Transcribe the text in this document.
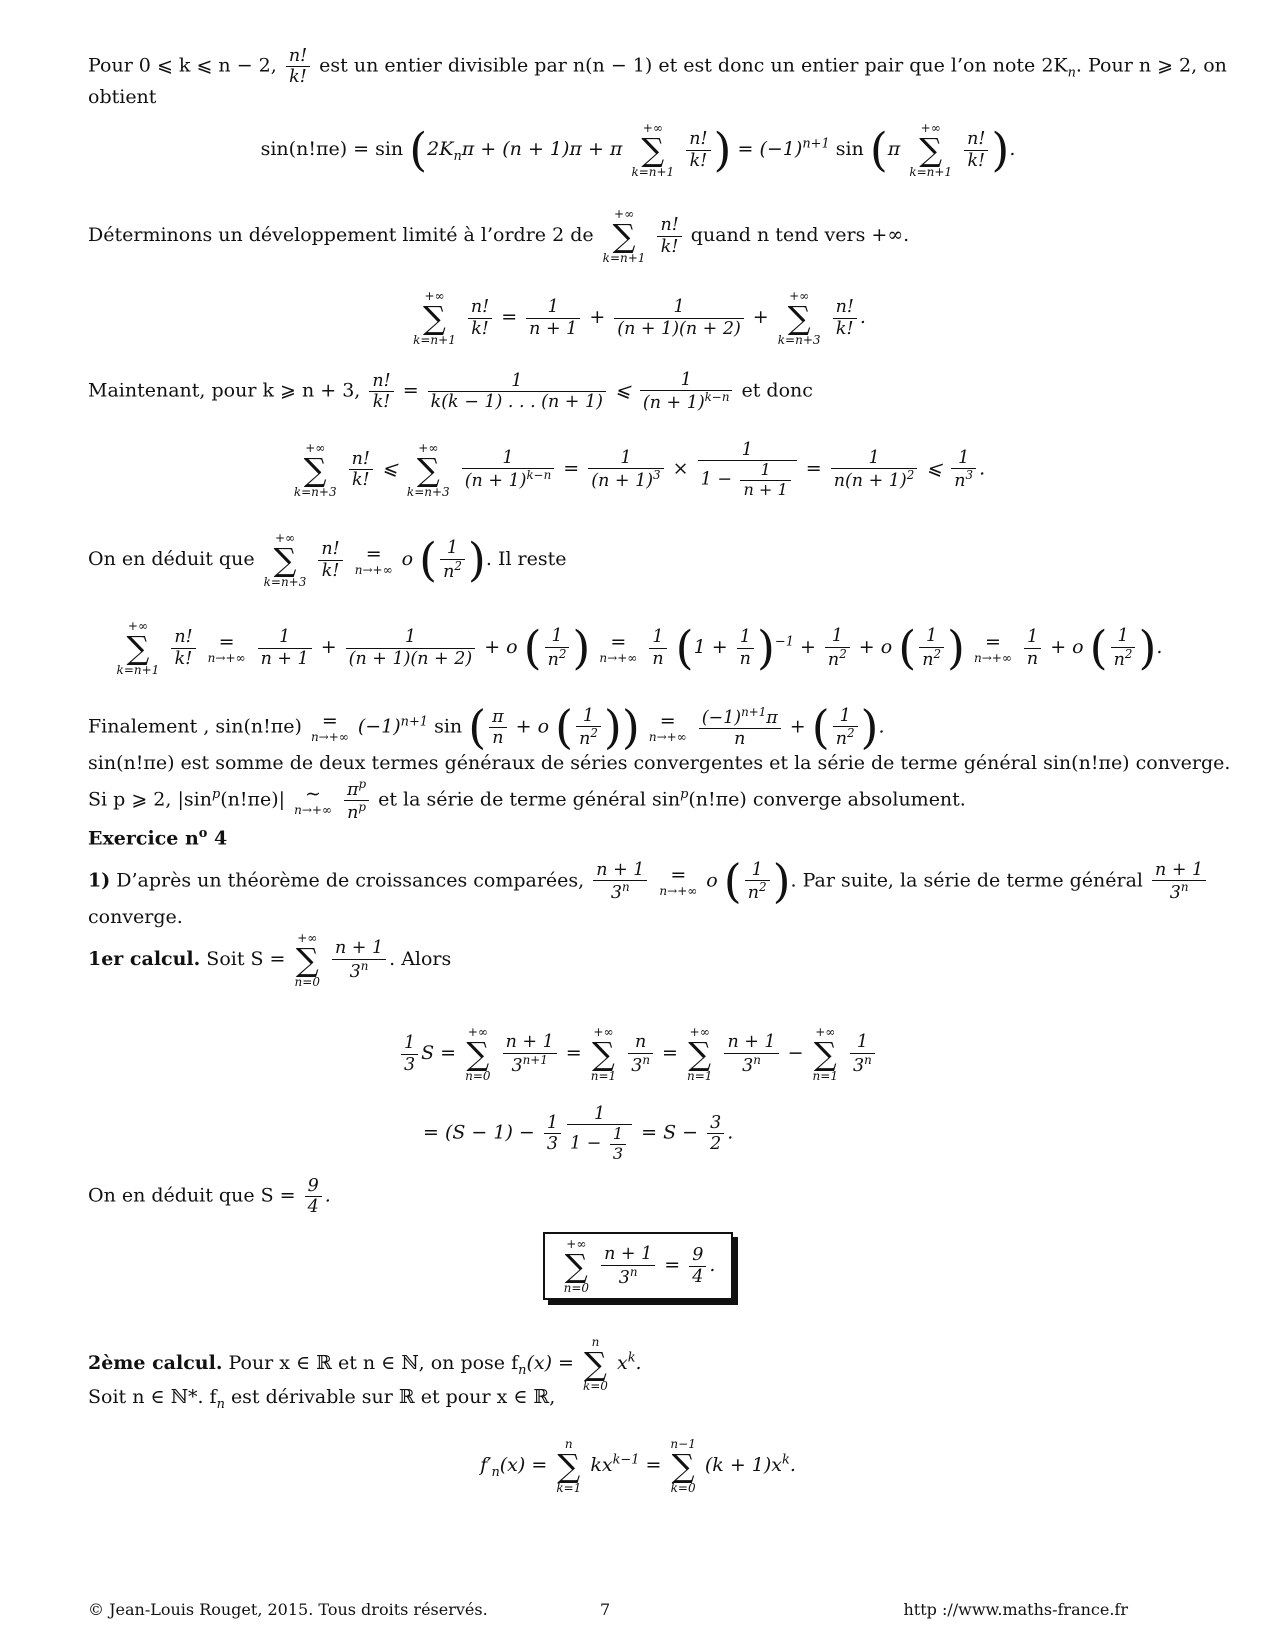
Pour 0 ⩽ k ⩽ n − 2, $\frac{n!}{k!}$ est un entier divisible par n(n − 1) et est donc un entier pair que l’on note $2K_n$. Pour n ⩾ 2, on
obtient
$\sin(n!\pi e) = \sin (2K_n\pi + (n + 1)\pi + \pi$
+∞
∑
k=n+1

$\frac{n!}{k!}$ ) = $(-1)^{n+1}$ sin (π
+∞
∑
k=n+1

$\frac{n!}{k!}$ ).
Déterminons un développement limité à l’ordre 2 de
+∞
∑
k=n+1

$\frac{n!}{k!}$ quand n tend vers +∞.
+∞
∑
k=n+1

$\frac{n!}{k!} = \frac{1}{n + 1} + \frac{1}{(n + 1)(n + 2)}$ +
+∞
∑
k=n+3

$\frac{n!}{k!}$ .
Maintenant, pour k ⩾ n + 3, $\frac{n!}{k!} = \frac{1}{k(k - 1) . . . (n + 1)}$ ⩽ $\frac{1}{(n + 1)^{k-n}}$ et donc
+∞
∑
k=n+3

$\frac{n!}{k!}$ ⩽
+∞
∑
k=n+3

$\frac{1}{(n + 1)^{k-n}} = \frac{1}{(n + 1)^3} \times \frac{1}{1 - \frac{1}{n + 1}} = \frac{1}{n(n + 1)^2}$ ⩽ $\frac{1}{n^3}$ .
On en déduit que
+∞
∑
k=n+3

$\frac{n!}{k!}$
	=
n→+∞ o ( $\frac{1}{n^2}$ ). Il reste
+∞
∑
k=n+1

$\frac{n!}{k!}$
	=
n→+∞
$\frac{1}{n + 1} + \frac{1}{(n + 1)(n + 2)} + o$ ( $\frac{1}{n^2}$ )	=
n→+∞
$\frac{1}{n} (1 + \frac{1}{n} )^{-1} + \frac{1}{n^2} + o$ ( $\frac{1}{n^2}$ )	=
n→+∞
$\frac{1}{n} + o$ ( $\frac{1}{n^2}$ ).
Finalement , sin(n!πe)	=
n→+∞ $(-1)^{n+1}$ sin ( $\frac{\pi}{n} + o$ ( $\frac{1}{n^2}$ ))	=
n→+∞
$\frac{(-1)^{n+1}\pi}{n}$ + ( $\frac{1}{n^2}$ ).
sin(n!πe) est somme de deux termes généraux de séries convergentes et la série de terme général sin(n!πe) converge.
Si p ⩾ 2, $|\sin^p(n!\pi e)|$	∼
n→+∞
$\frac{\pi^p}{n^p}$ et la série de terme général $\sin^p(n!\pi e)$ converge absolument.
Exercice $n^o$ 4
1) D’après un théorème de croissances comparées, $\frac{n + 1}{3^n}$
	=
n→+∞ o ( $\frac{1}{n^2}$ ). Par suite, la série de terme général $\frac{n + 1}{3^n}$
converge.
1er calcul. Soit S =
+∞
∑
n=0

$\frac{n + 1}{3^n}$ . Alors
$\frac{1}{3}$ S =
+∞
∑
n=0

$\frac{n + 1}{3^{n+1}}$ =
+∞
∑
n=1

$\frac{n}{3^n}$ =
+∞
∑
n=1

$\frac{n + 1}{3^n}$ −
+∞
∑
n=1

$\frac{1}{3^n}$
= $(S - 1) - \frac{1}{3} \frac{1}{1 - \frac{1}{3}} = S - \frac{3}{2}$ .
On en déduit que $S = \frac{9}{4}$ .
+∞
∑
n=0

$\frac{n + 1}{3^n} = \frac{9}{4}$ .
2ème calcul. Pour x ∈ ℝ et n ∈ ℕ, on pose $f_n(x)$ =
n
∑
k=0
$x^k$.
Soit n ∈ ℕ*. $f_n$ est dérivable sur ℝ et pour x ∈ ℝ,
$f'_n(x)$ =
n
∑
k=1
$kx^{k-1}$ =
n−1
∑
k=0
$(k + 1)x^k$.
© Jean-Louis Rouget, 2015. Tous droits réservés.	7	http ://www.maths-france.fr
